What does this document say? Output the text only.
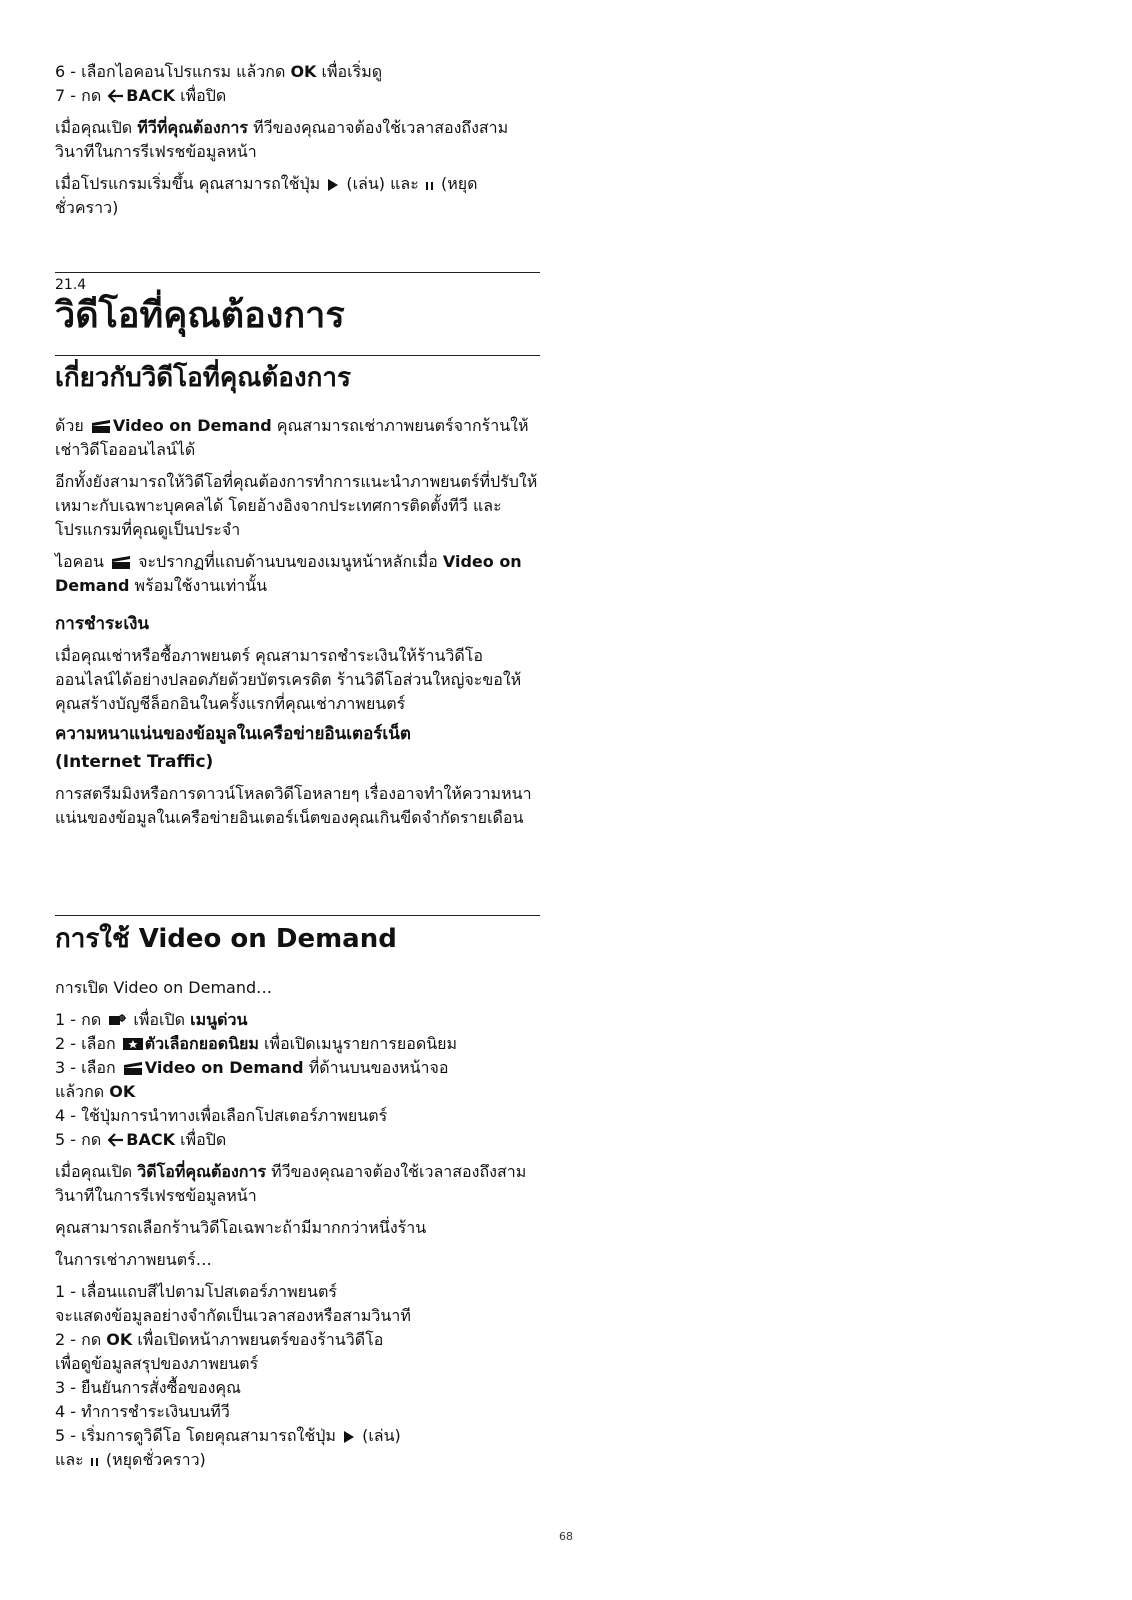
6 - เลือกไอคอนโปรแกรม แล้วกด OK เพื่อเริ่มดู

7 - กด BACK เพื่อปิด

เมื่อคุณเปิด ทีวีที่คุณต้องการ ทีวีของคุณอาจต้องใช้เวลาสองถึงสามวินาทีในการรีเฟรชข้อมูลหน้า

เมื่อโปรแกรมเริ่มขึ้น คุณสามารถใช้ปุ่ม  (เล่น) และ  (หยุดชั่วคราว)

21.4
วิดีโอที่คุณต้องการ
เกี่ยวกับวิดีโอที่คุณต้องการ

ด้วย Video on Demand คุณสามารถเช่าภาพยนตร์จากร้านให้เช่าวิดีโอออนไลน์ได้

อีกทั้งยังสามารถให้วิดีโอที่คุณต้องการทำการแนะนำภาพยนตร์ที่ปรับให้เหมาะกับเฉพาะบุคคลได้ โดยอ้างอิงจากประเทศการติดตั้งทีวี และโปรแกรมที่คุณดูเป็นประจำ

ไอคอน  จะปรากฏที่แถบด้านบนของเมนูหน้าหลักเมื่อ Video on Demand พร้อมใช้งานเท่านั้น

การชำระเงิน

เมื่อคุณเช่าหรือซื้อภาพยนตร์ คุณสามารถชำระเงินให้ร้านวิดีโอออนไลน์ได้อย่างปลอดภัยด้วยบัตรเครดิต ร้านวิดีโอส่วนใหญ่จะขอให้คุณสร้างบัญชีล็อกอินในครั้งแรกที่คุณเช่าภาพยนตร์

ความหนาแน่นของข้อมูลในเครือข่ายอินเตอร์เน็ต

(Internet Traffic)

การสตรีมมิงหรือการดาวน์โหลดวิดีโอหลายๆ เรื่องอาจทำให้ความหนาแน่นของข้อมูลในเครือข่ายอินเตอร์เน็ตของคุณเกินขีดจำกัดรายเดือน

การใช้ Video on Demand

การเปิด Video on Demand…

1 - กด  เพื่อเปิด เมนูด่วน

2 - เลือก ตัวเลือกยอดนิยม เพื่อเปิดเมนูรายการยอดนิยม

3 - เลือก Video on Demand ที่ด้านบนของหน้าจอ

แล้วกด OK

4 - ใช้ปุ่มการนำทางเพื่อเลือกโปสเตอร์ภาพยนตร์

5 - กด BACK เพื่อปิด

เมื่อคุณเปิด วิดีโอที่คุณต้องการ ทีวีของคุณอาจต้องใช้เวลาสองถึงสามวินาทีในการรีเฟรชข้อมูลหน้า

คุณสามารถเลือกร้านวิดีโอเฉพาะถ้ามีมากกว่าหนึ่งร้าน

ในการเช่าภาพยนตร์…

1 - เลื่อนแถบสีไปตามโปสเตอร์ภาพยนตร์

จะแสดงข้อมูลอย่างจำกัดเป็นเวลาสองหรือสามวินาที

2 - กด OK เพื่อเปิดหน้าภาพยนตร์ของร้านวิดีโอ

เพื่อดูข้อมูลสรุปของภาพยนตร์

3 - ยืนยันการสั่งซื้อของคุณ

4 - ทำการชำระเงินบนทีวี

5 - เริ่มการดูวิดีโอ โดยคุณสามารถใช้ปุ่ม  (เล่น)

และ  (หยุดชั่วคราว)

68
